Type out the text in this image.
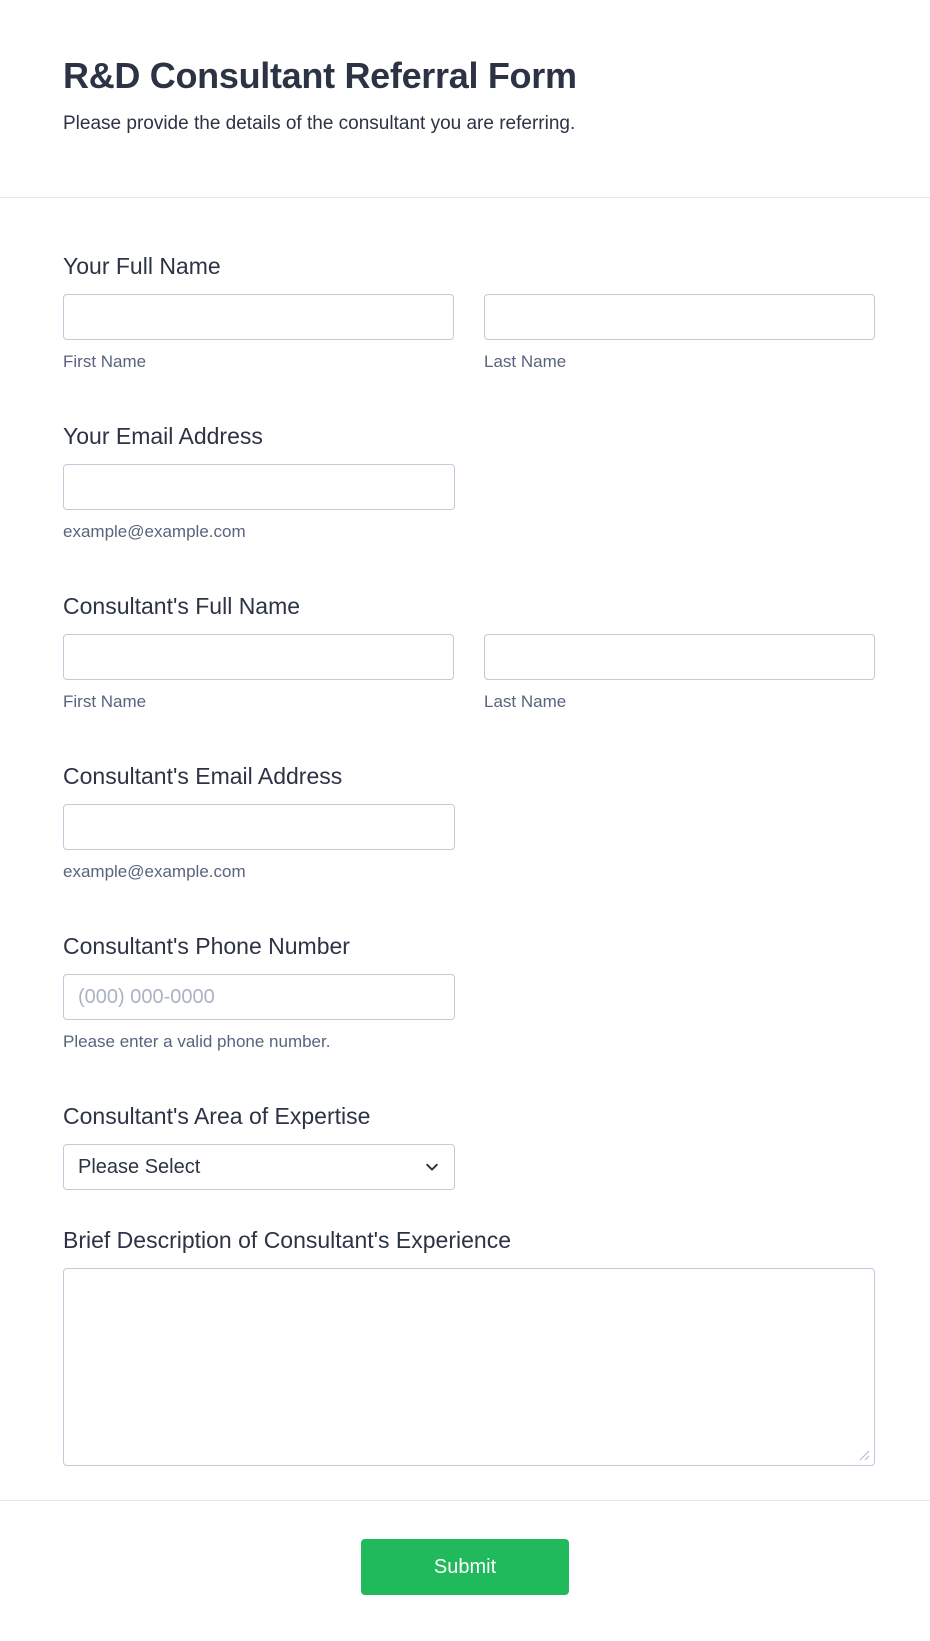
R&D Consultant Referral Form

Please provide the details of the consultant you are referring.

Your Full Name
First Name	Last Name
Your Email Address
example@example.com
Consultant's Full Name
First Name	Last Name
Consultant's Email Address
example@example.com
Consultant's Phone Number
(000) 000-0000
Please enter a valid phone number.
Consultant's Area of Expertise
Please Select
Brief Description of Consultant's Experience
Submit
